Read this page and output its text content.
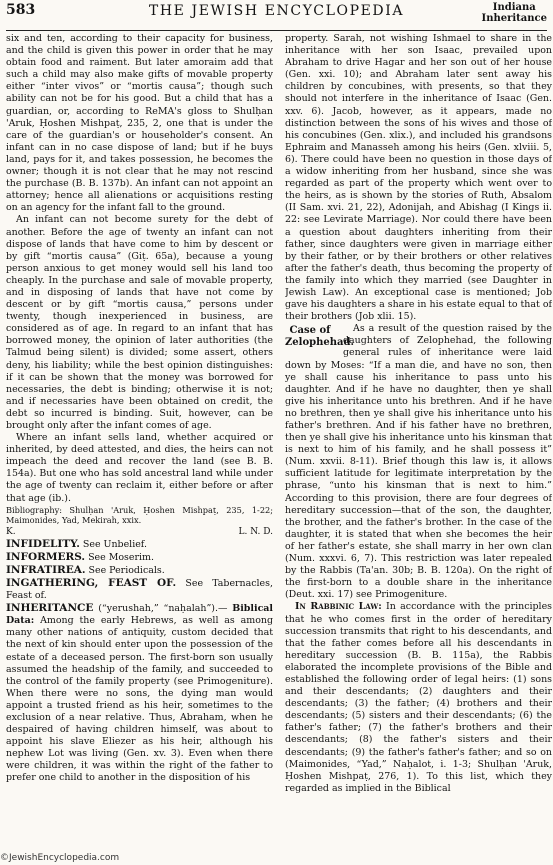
583	THE JEWISH ENCYCLOPEDIA	Indiana
Inheritance

six and ten, according to their capacity for business, and the child is given this power in order that he may obtain food and raiment. But later amoraim add that such a child may also make gifts of movable property either “inter vivos” or “mortis causa”; though such ability can not be for his good. But a child that has a guardian, or, according to ReMA's gloss to Shulḥan 'Aruk, Ḥoshen Mishpaṭ, 235, 2, one that is under the care of the guardian's or householder's consent. An infant can in no case dispose of land; but if he buys land, pays for it, and takes possession, he becomes the owner; though it is not clear that he may not rescind the purchase (B. B. 137b). An infant can not appoint an attorney; hence all alienations or acquisitions resting on an agency for the infant fall to the ground.

An infant can not become surety for the debt of another. Before the age of twenty an infant can not dispose of lands that have come to him by descent or by gift “mortis causa” (Giṭ. 65a), because a young person anxious to get money would sell his land too cheaply. In the purchase and sale of movable property, and in disposing of lands that have not come by descent or by gift “mortis causa,” persons under twenty, though inexperienced in business, are considered as of age. In regard to an infant that has borrowed money, the opinion of later authorities (the Talmud being silent) is divided; some assert, others deny, his liability; while the best opinion distinguishes: if it can be shown that the money was borrowed for necessaries, the debt is binding; otherwise it is not; and if necessaries have been obtained on credit, the debt so incurred is binding. Suit, however, can be brought only after the infant comes of age.

Where an infant sells land, whether acquired or inherited, by deed attested, and dies, the heirs can not impeach the deed and recover the land (see B. B. 154a). But one who has sold ancestral land while under the age of twenty can reclaim it, either before or after that age (ib.).

Bibliography: Shulḥan 'Aruk, Ḥoshen Mishpaṭ, 235, 1-22; Maimonides, Yad, Mekirah, xxix.

K.	L. N. D.

INFIDELITY. See Unbelief.

INFORMERS. See Moserim.

INFRATIREA. See Periodicals.

INGATHERING, FEAST OF. See Tabernacles, Feast of.

INHERITANCE (“yerushah,” “naḥalah”).— Biblical Data: Among the early Hebrews, as well as among many other nations of antiquity, custom decided that the next of kin should enter upon the possession of the estate of a deceased person. The first-born son usually assumed the headship of the family, and succeeded to the control of the family property (see Primogeniture). When there were no sons, the dying man would appoint a trusted friend as his heir, sometimes to the exclusion of a near relative. Thus, Abraham, when he despaired of having children himself, was about to appoint his slave Eliezer as his heir, although his nephew Lot was living (Gen. xv. 3). Even when there were children, it was within the right of the father to prefer one child to another in the disposition of his

property. Sarah, not wishing Ishmael to share in the inheritance with her son Isaac, prevailed upon Abraham to drive Hagar and her son out of her house (Gen. xxi. 10); and Abraham later sent away his children by concubines, with presents, so that they should not interfere in the inheritance of Isaac (Gen. xxv. 6). Jacob, however, as it appears, made no distinction between the sons of his wives and those of his concubines (Gen. xlix.), and included his grandsons Ephraim and Manasseh among his heirs (Gen. xlviii. 5, 6). There could have been no question in those days of a widow inheriting from her husband, since she was regarded as part of the property which went over to the heirs, as is shown by the stories of Ruth, Absalom (II Sam. xvi. 21, 22), Adonijah, and Abishag (I Kings ii. 22: see Levirate Marriage). Nor could there have been a question about daughters inheriting from their father, since daughters were given in marriage either by their father, or by their brothers or other relatives after the father's death, thus becoming the property of the family into which they married (see Daughter in Jewish Law). An exceptional case is mentioned; Job gave his daughters a share in his estate equal to that of their brothers (Job xlii. 15).

Case of Zelophehad.

As a result of the question raised by the daughters of Zelophehad, the following general rules of inheritance were laid down by Moses: “If a man die, and have no son, then ye shall cause his inheritance to pass unto his daughter. And if he have no daughter, then ye shall give his inheritance unto his brethren. And if he have no brethren, then ye shall give his inheritance unto his father's brethren. And if his father have no brethren, then ye shall give his inheritance unto his kinsman that is next to him of his family, and he shall possess it” (Num. xxvii. 8-11). Brief though this law is, it allows sufficient latitude for legitimate interpretation by the phrase, “unto his kinsman that is next to him.” According to this provision, there are four degrees of hereditary succession—that of the son, the daughter, the brother, and the father's brother. In the case of the daughter, it is stated that when she becomes the heir of her father's estate, she shall marry in her own clan (Num. xxxvi. 6, 7). This restriction was later repealed by the Rabbis (Ta'an. 30b; B. B. 120a). On the right of the first-born to a double share in the inheritance (Deut. xxi. 17) see Primogeniture.

In Rabbinic Law: In accordance with the principles that he who comes first in the order of hereditary succession transmits that right to his descendants, and that the father comes before all his descendants in hereditary succession (B. B. 115a), the Rabbis elaborated the incomplete provisions of the Bible and established the following order of legal heirs: (1) sons and their descendants; (2) daughters and their descendants; (3) the father; (4) brothers and their descendants; (5) sisters and their descendants; (6) the father's father; (7) the father's brothers and their descendants; (8) the father's sisters and their descendants; (9) the father's father's father; and so on (Maimonides, “Yad,” Naḥalot, i. 1-3; Shulḥan 'Aruk, Ḥoshen Mishpaṭ, 276, 1). To this list, which they regarded as implied in the Biblical

©JewishEncyclopedia.com
